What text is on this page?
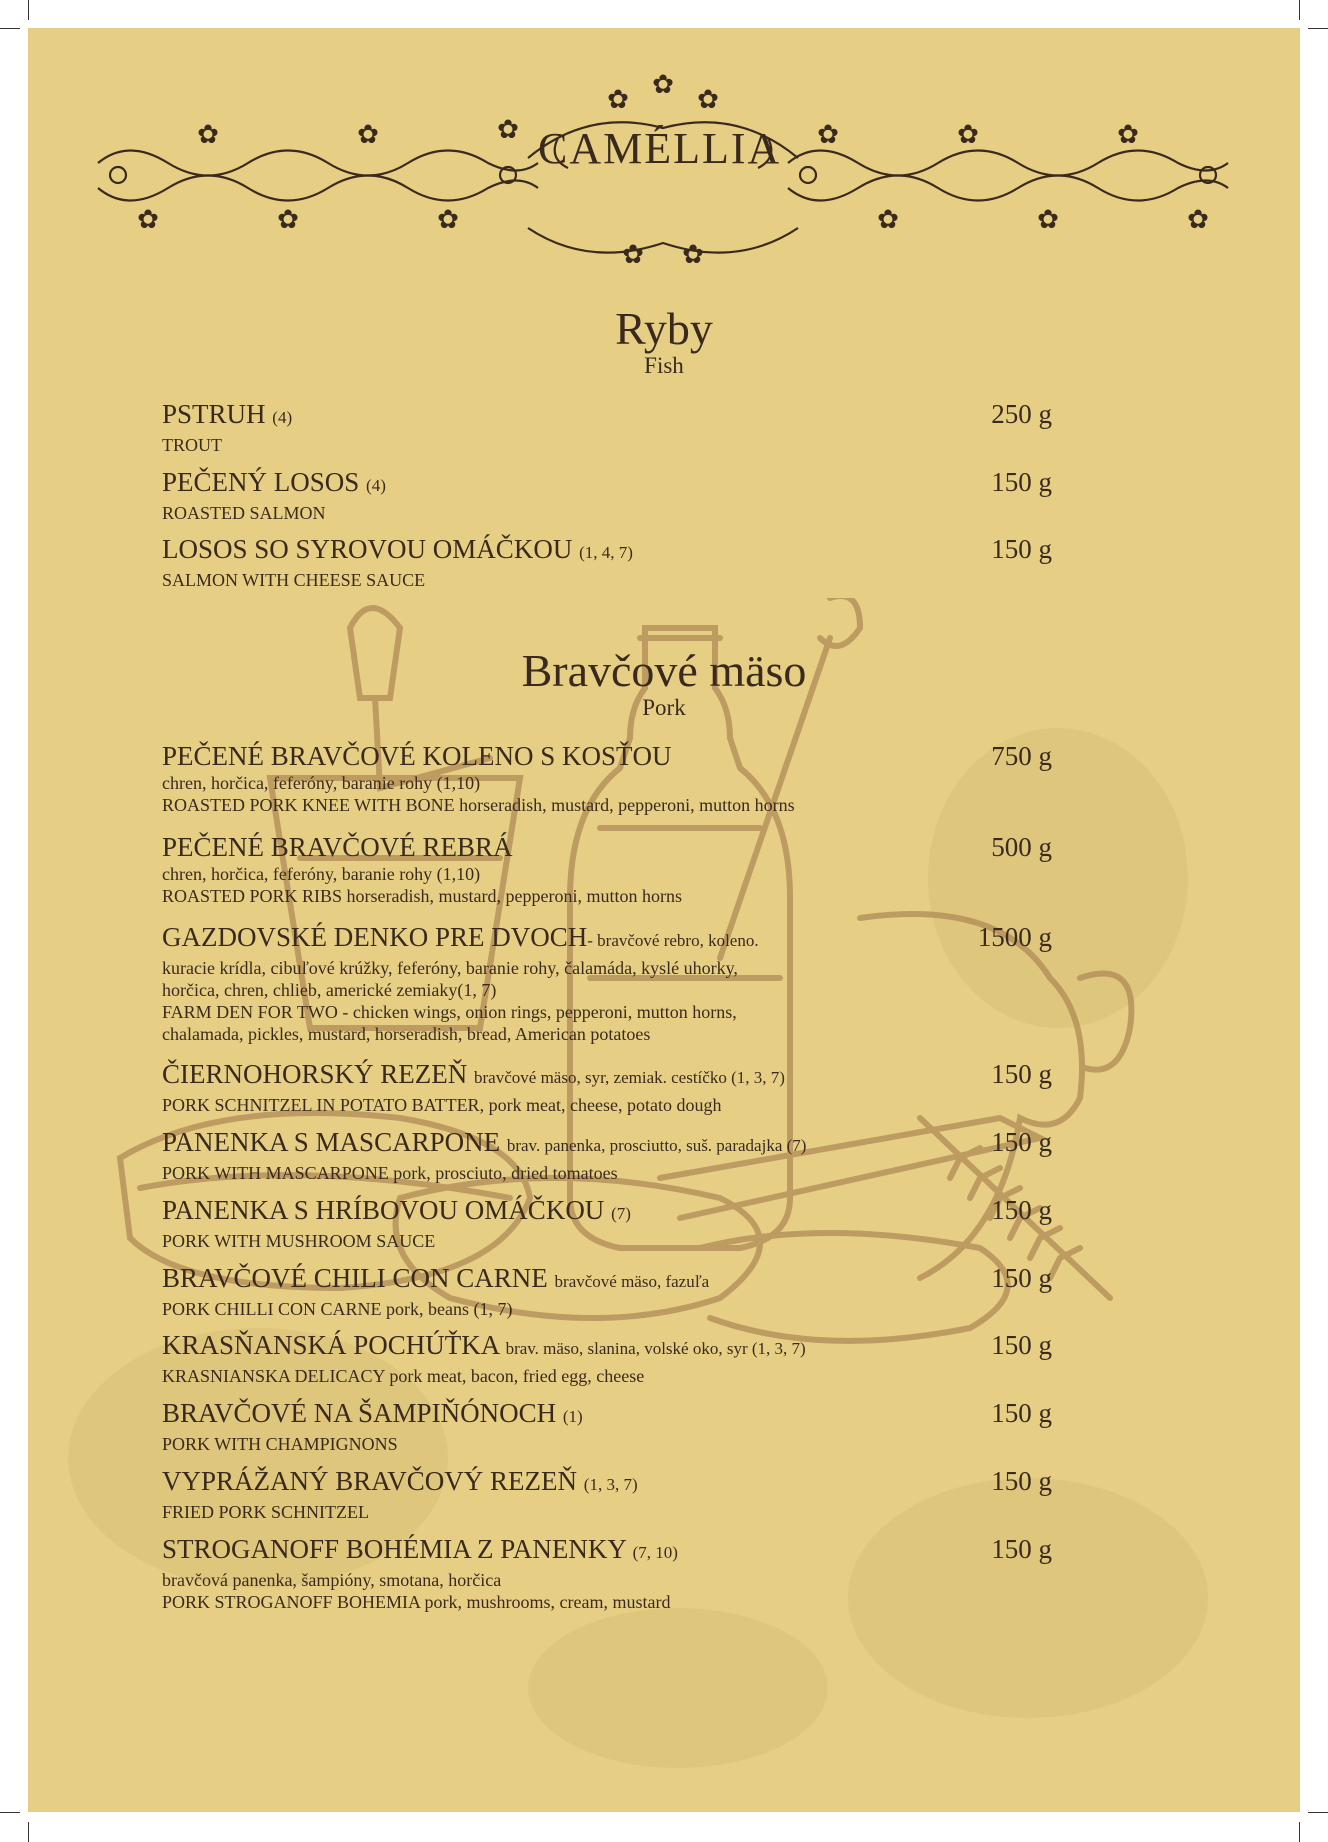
✿
✿
✿
✿
✿
✿
✿ ✿ ✿
✿ ✿
✿
✿
✿
✿
✿
✿
CAMÉLLIA
Ryby
Fish
PSTRUH (4)
TROUT
250 g
PEČENÝ LOSOS (4)
ROASTED SALMON
150 g
LOSOS SO SYROVOU OMÁČKOU (1, 4, 7)
SALMON WITH CHEESE SAUCE
150 g
Bravčové mäso
Pork
PEČENÉ BRAVČOVÉ KOLENO S KOSŤOU
chren, horčica, feferóny, baranie rohy (1,10)
ROASTED PORK KNEE WITH BONE horseradish, mustard, pepperoni, mutton horns
750 g
PEČENÉ BRAVČOVÉ REBRÁ
chren, horčica, feferóny, baranie rohy (1,10)
ROASTED PORK RIBS horseradish, mustard, pepperoni, mutton horns
500 g
GAZDOVSKÉ DENKO PRE DVOCH- bravčové rebro, koleno.
kuracie krídla, cibuľové krúžky, feferóny, baranie rohy, čalamáda, kyslé uhorky,
horčica, chren, chlieb, americké zemiaky(1, 7)
FARM DEN FOR TWO - chicken wings, onion rings, pepperoni, mutton horns,
chalamada, pickles, mustard, horseradish, bread, American potatoes
1500 g
ČIERNOHORSKÝ REZEŇ bravčové mäso, syr, zemiak. cestíčko (1, 3, 7)
PORK SCHNITZEL IN POTATO BATTER, pork meat, cheese, potato dough
150 g
PANENKA S MASCARPONE brav. panenka, prosciutto, suš. paradajka (7)
PORK WITH MASCARPONE pork, prosciuto, dried tomatoes
150 g
PANENKA S HRÍBOVOU OMÁČKOU (7)
PORK WITH MUSHROOM SAUCE
150 g
BRAVČOVÉ CHILI CON CARNE bravčové mäso, fazuľa
PORK CHILLI CON CARNE pork, beans (1, 7)
150 g
KRASŇANSKÁ POCHÚŤKA brav. mäso, slanina, volské oko, syr (1, 3, 7)
KRASNIANSKA DELICACY pork meat, bacon, fried egg, cheese
150 g
BRAVČOVÉ NA ŠAMPIŇÓNOCH (1)
PORK WITH CHAMPIGNONS
150 g
VYPRÁŽANÝ BRAVČOVÝ REZEŇ (1, 3, 7)
FRIED PORK SCHNITZEL
150 g
STROGANOFF BOHÉMIA Z PANENKY (7, 10)
bravčová panenka, šampióny, smotana, horčica
PORK STROGANOFF BOHEMIA pork, mushrooms, cream, mustard
150 g
